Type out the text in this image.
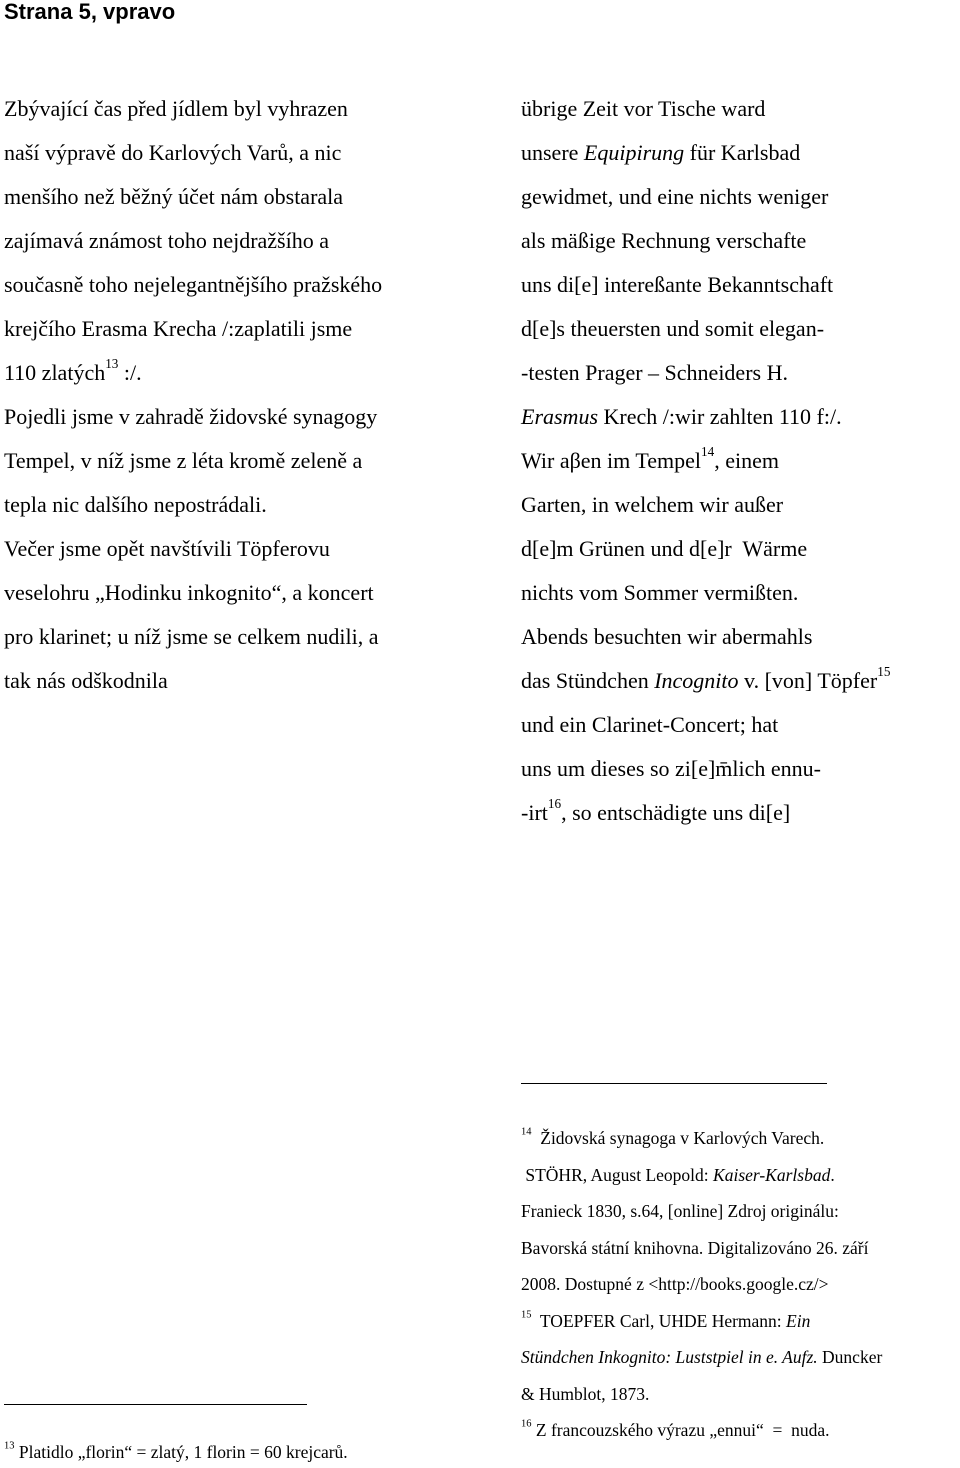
Strana 5, vpravo
Zbývající čas před jídlem byl vyhrazen
naší výpravě do Karlových Varů, a nic
menšího než běžný účet nám obstarala
zajímavá známost toho nejdražšího a
současně toho nejelegantnějšího pražského
krejčího Erasma Krecha /:zaplatili jsme
110 zlatých$^{13}$ :/.
Pojedli jsme v zahradě židovské synagogy
Tempel, v níž jsme z léta kromě zeleně a
tepla nic dalšího nepostrádali.
Večer jsme opět navštívili Töpferovu
veselohru „Hodinku inkognito“, a koncert
pro klarinet; u níž jsme se celkem nudili, a
tak nás odškodnila
übrige Zeit vor Tische ward
unsere Equipirung für Karlsbad
gewidmet, und eine nichts weniger
als mäßige Rechnung verschafte
uns di[e] intereßante Bekanntschaft
d[e]s theuersten und somit elegan-
-testen Prager – Schneiders H.
Erasmus Krech /:wir zahlten 110 f:/.
Wir aβen im Tempel$^{14}$, einem
Garten, in welchem wir außer
d[e]m Grünen und d[e]r  Wärme
nichts vom Sommer vermißten.
Abends besuchten wir abermahls
das Stündchen Incognito v. [von] Töpfer$^{15}$
und ein Clarinet-Concert; hat
uns um dieses so zi[e]m̄lich ennu-
-irt$^{16}$, so entschädigte uns di[e]
$^{13}$ Platidlo „florin“ = zlatý, 1 florin = 60 krejcarů.
$^{14}$  Židovská synagoga v Karlových Varech.
STÖHR, August Leopold: Kaiser-Karlsbad.
Franieck 1830, s.64, [online] Zdroj originálu:
Bavorská státní knihovna. Digitalizováno 26. září
2008. Dostupné z <http://books.google.cz/>
$^{15}$  TOEPFER Carl, UHDE Hermann: Ein
Stündchen Inkognito: Luststpiel in e. Aufz. Duncker
& Humblot, 1873.
$^{16}$ Z francouzského výrazu „ennui“  =  nuda.
